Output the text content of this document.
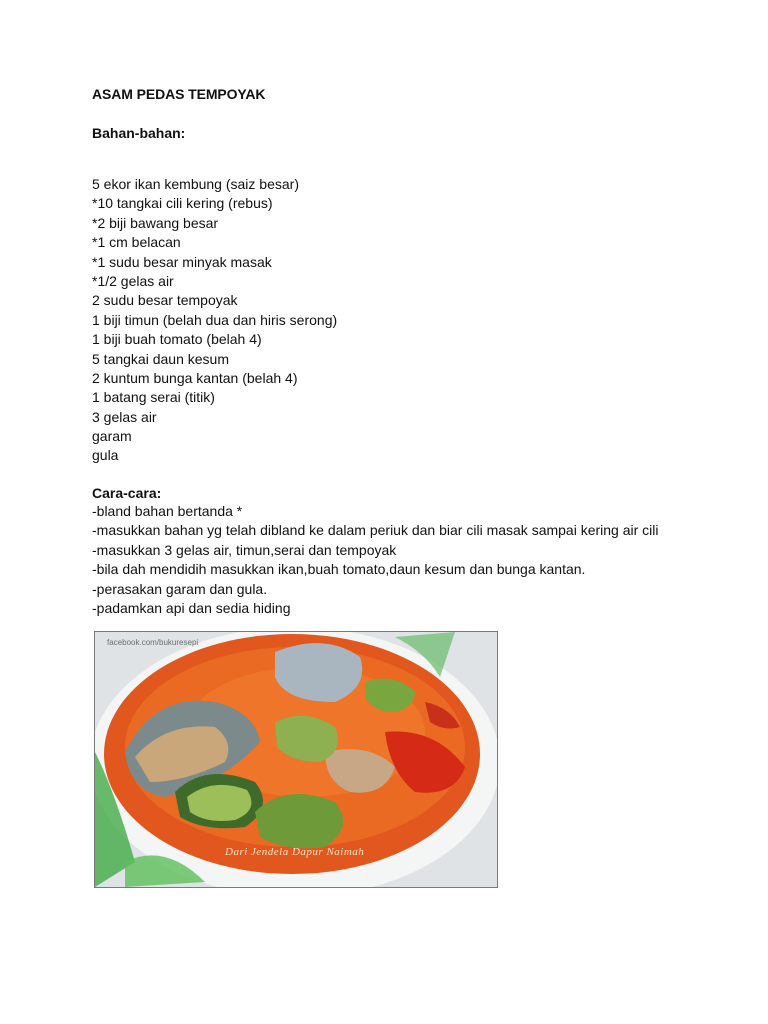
ASAM PEDAS TEMPOYAK
Bahan-bahan:
5 ekor ikan kembung (saiz besar)
*10 tangkai cili kering (rebus)
*2 biji bawang besar
*1 cm belacan
*1 sudu besar minyak masak
*1/2 gelas air
2 sudu besar tempoyak
1 biji timun (belah dua dan hiris serong)
1 biji buah tomato (belah 4)
5 tangkai daun kesum
2 kuntum bunga kantan (belah 4)
1 batang serai (titik)
3 gelas air
garam
gula
Cara-cara:
-bland bahan bertanda *
-masukkan bahan yg telah dibland ke dalam periuk dan biar cili masak sampai kering air cili
-masukkan 3 gelas air, timun,serai dan tempoyak
-bila dah mendidih masukkan ikan,buah tomato,daun kesum dan bunga kantan.
-perasakan garam dan gula.
-padamkan api dan sedia hiding
facebook.com/bukuresepi
Dari Jendela Dapur Naimah
